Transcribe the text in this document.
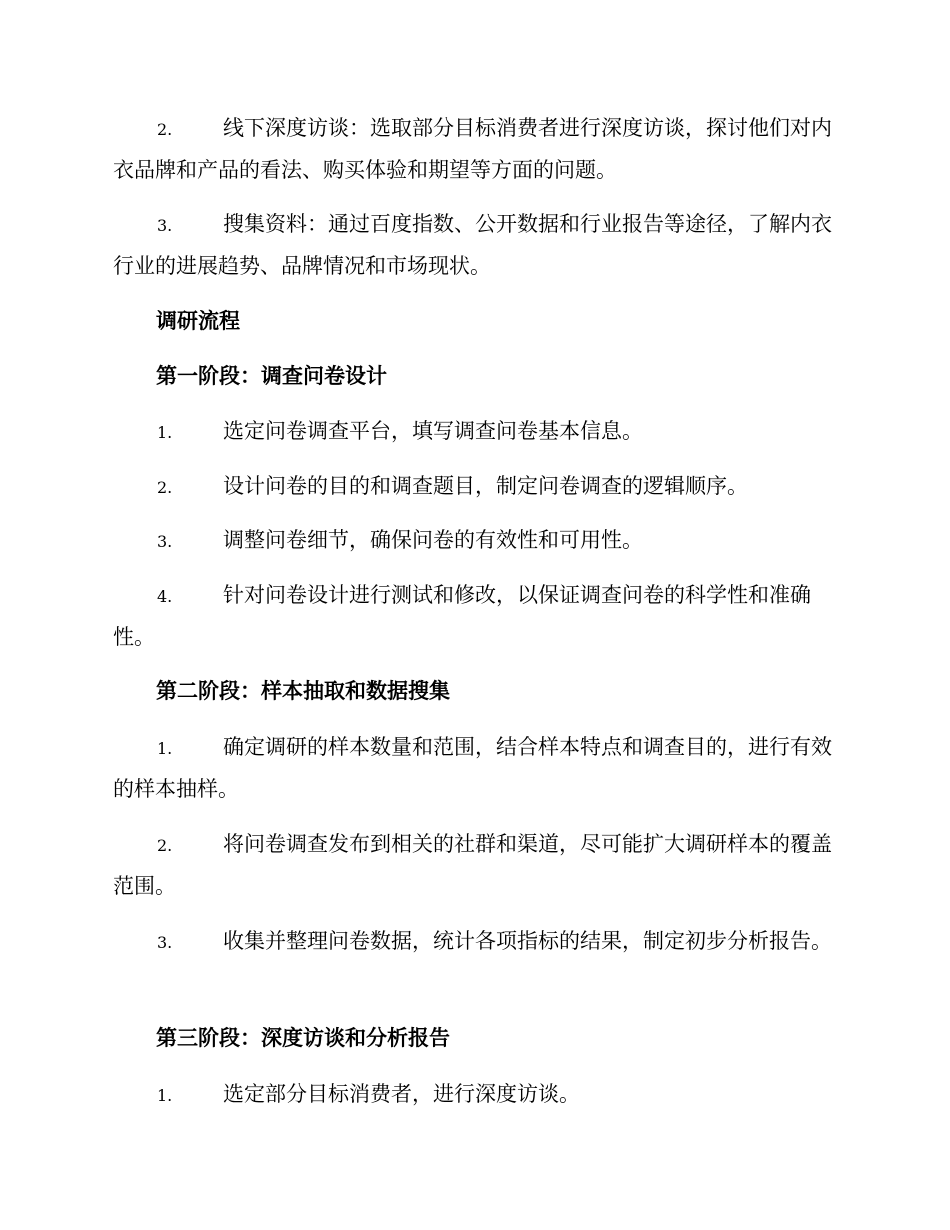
2. 线下深度访谈：选取部分目标消费者进行深度访谈，探讨他们对内衣品牌和产品的看法、购买体验和期望等方面的问题。

3. 搜集资料：通过百度指数、公开数据和行业报告等途径，了解内衣行业的进展趋势、品牌情况和市场现状。

调研流程

第一阶段：调查问卷设计

1. 选定问卷调查平台，填写调查问卷基本信息。

2. 设计问卷的目的和调查题目，制定问卷调查的逻辑顺序。

3. 调整问卷细节，确保问卷的有效性和可用性。

4. 针对问卷设计进行测试和修改，以保证调查问卷的科学性和准确性。

第二阶段：样本抽取和数据搜集

1. 确定调研的样本数量和范围，结合样本特点和调查目的，进行有效的样本抽样。

2. 将问卷调查发布到相关的社群和渠道，尽可能扩大调研样本的覆盖范围。

3. 收集并整理问卷数据，统计各项指标的结果，制定初步分析报告。

第三阶段：深度访谈和分析报告

1. 选定部分目标消费者，进行深度访谈。
